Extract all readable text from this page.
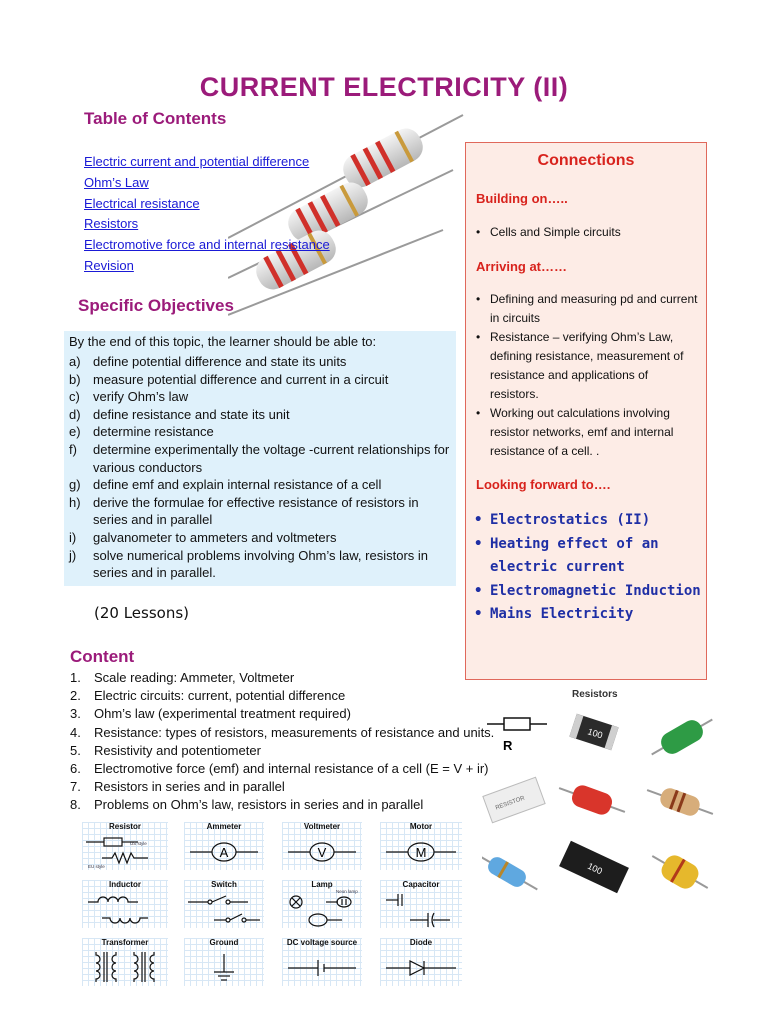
CURRENT ELECTRICITY (II)
Table of Contents
Electric current and potential difference
Ohm’s Law
Electrical resistance
Resistors
Electromotive force and internal resistance
Revision
Specific Objectives
By the end of this topic, the learner should be able to:
a) define potential difference and state its units
b) measure potential difference and current in a circuit
c)	verify Ohm’s law
d) define resistance and state its unit
e) determine resistance
f)	determine experimentally the voltage -current relationships for various conductors
g) define emf and explain internal resistance of a cell
h) derive the formulae for effective resistance of resistors in series and in parallel
i)	galvanometer to ammeters and voltmeters
j)	solve numerical problems involving Ohm’s law, resistors in series and in parallel.
(20 Lessons)
Connections
Building on…..
• Cells and Simple circuits
Arriving at……
• Defining and measuring pd and current in circuits
• Resistance – verifying Ohm’s Law, defining resistance, measurement of resistance and applications of resistors.
• Working out calculations involving resistor networks, emf and internal resistance of a cell. .
Looking forward to….
• Electrostatics (II)
• Heating effect of an electric current
• Electromagnetic Induction
• Mains Electricity
Content
1.	Scale reading: Ammeter, Voltmeter
2.	Electric circuits: current, potential difference
3.	Ohm’s law (experimental treatment required)
4.	Resistance: types of resistors, measurements of resistance and units.
5.	Resistivity and potentiometer
6.	Electromotive force (emf) and internal resistance of a cell (E = V + ir)
7.	Resistors in series and in parallel
8.	Problems on Ohm’s law, resistors in series and in parallel
Resistors
R
100
RESISTOR
100
Resistor
US style
EU style
Ammeter
A
Voltmeter
V
Motor
M
Inductor	Switch	Lamp
Neon lamp
Capacitor
Transformer	Ground	DC voltage source	Diode
